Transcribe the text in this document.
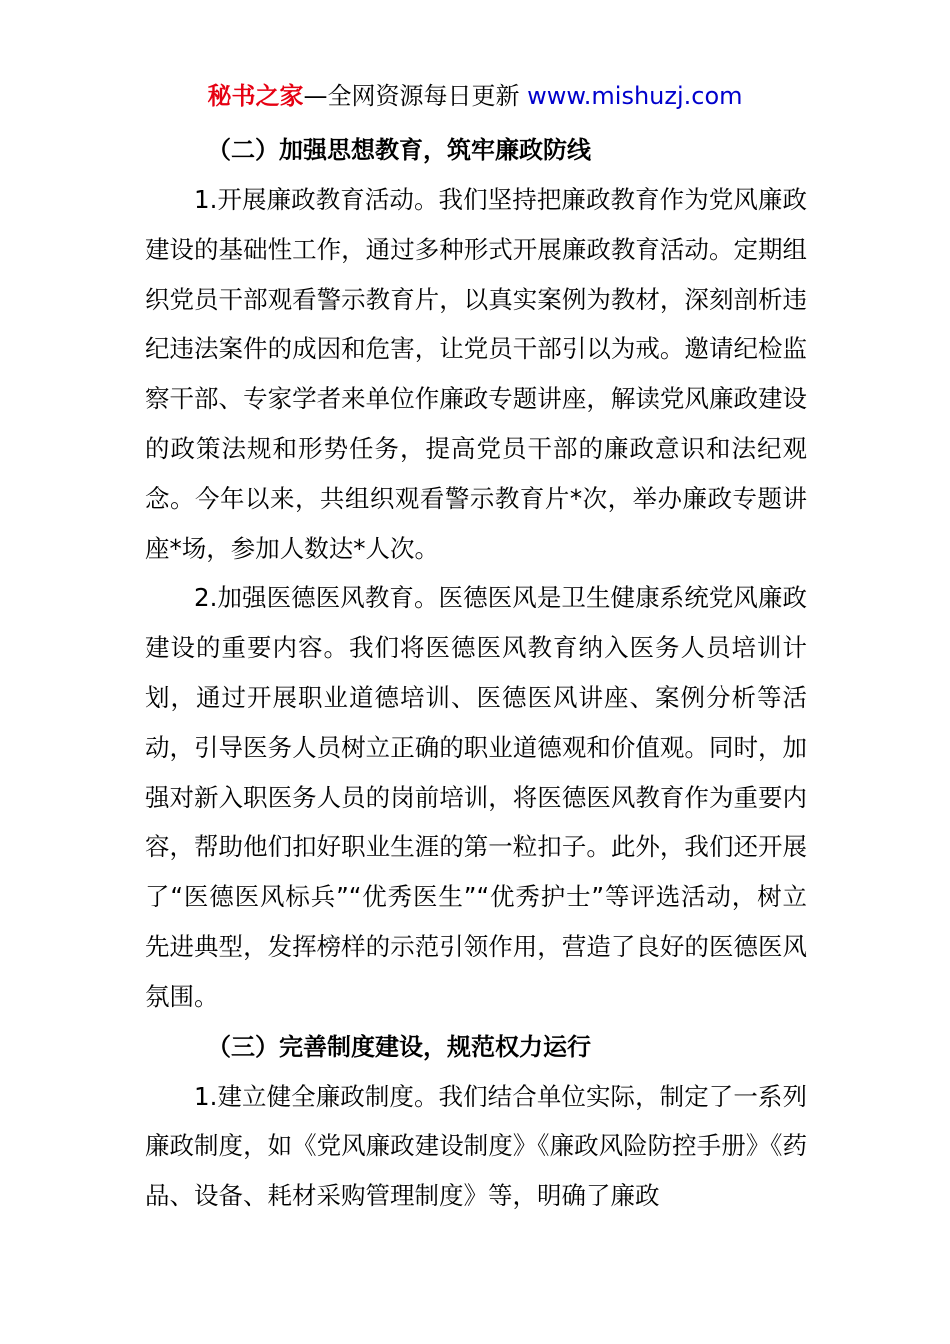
秘书之家—全网资源每日更新 www.mishuzj.com

（二）加强思想教育，筑牢廉政防线

1.开展廉政教育活动。我们坚持把廉政教育作为党风廉政建设的基础性工作，通过多种形式开展廉政教育活动。定期组织党员干部观看警示教育片，以真实案例为教材，深刻剖析违纪违法案件的成因和危害，让党员干部引以为戒。邀请纪检监察干部、专家学者来单位作廉政专题讲座，解读党风廉政建设的政策法规和形势任务，提高党员干部的廉政意识和法纪观念。今年以来，共组织观看警示教育片*次，举办廉政专题讲座*场，参加人数达*人次。

2.加强医德医风教育。医德医风是卫生健康系统党风廉政建设的重要内容。我们将医德医风教育纳入医务人员培训计划，通过开展职业道德培训、医德医风讲座、案例分析等活动，引导医务人员树立正确的职业道德观和价值观。同时，加强对新入职医务人员的岗前培训，将医德医风教育作为重要内容，帮助他们扣好职业生涯的第一粒扣子。此外，我们还开展了“医德医风标兵”“优秀医生”“优秀护士”等评选活动，树立先进典型，发挥榜样的示范引领作用，营造了良好的医德医风氛围。

（三）完善制度建设，规范权力运行

1.建立健全廉政制度。我们结合单位实际，制定了一系列廉政制度，如《党风廉政建设制度》《廉政风险防控手册》《药品、设备、耗材采购管理制度》等，明确了廉政
